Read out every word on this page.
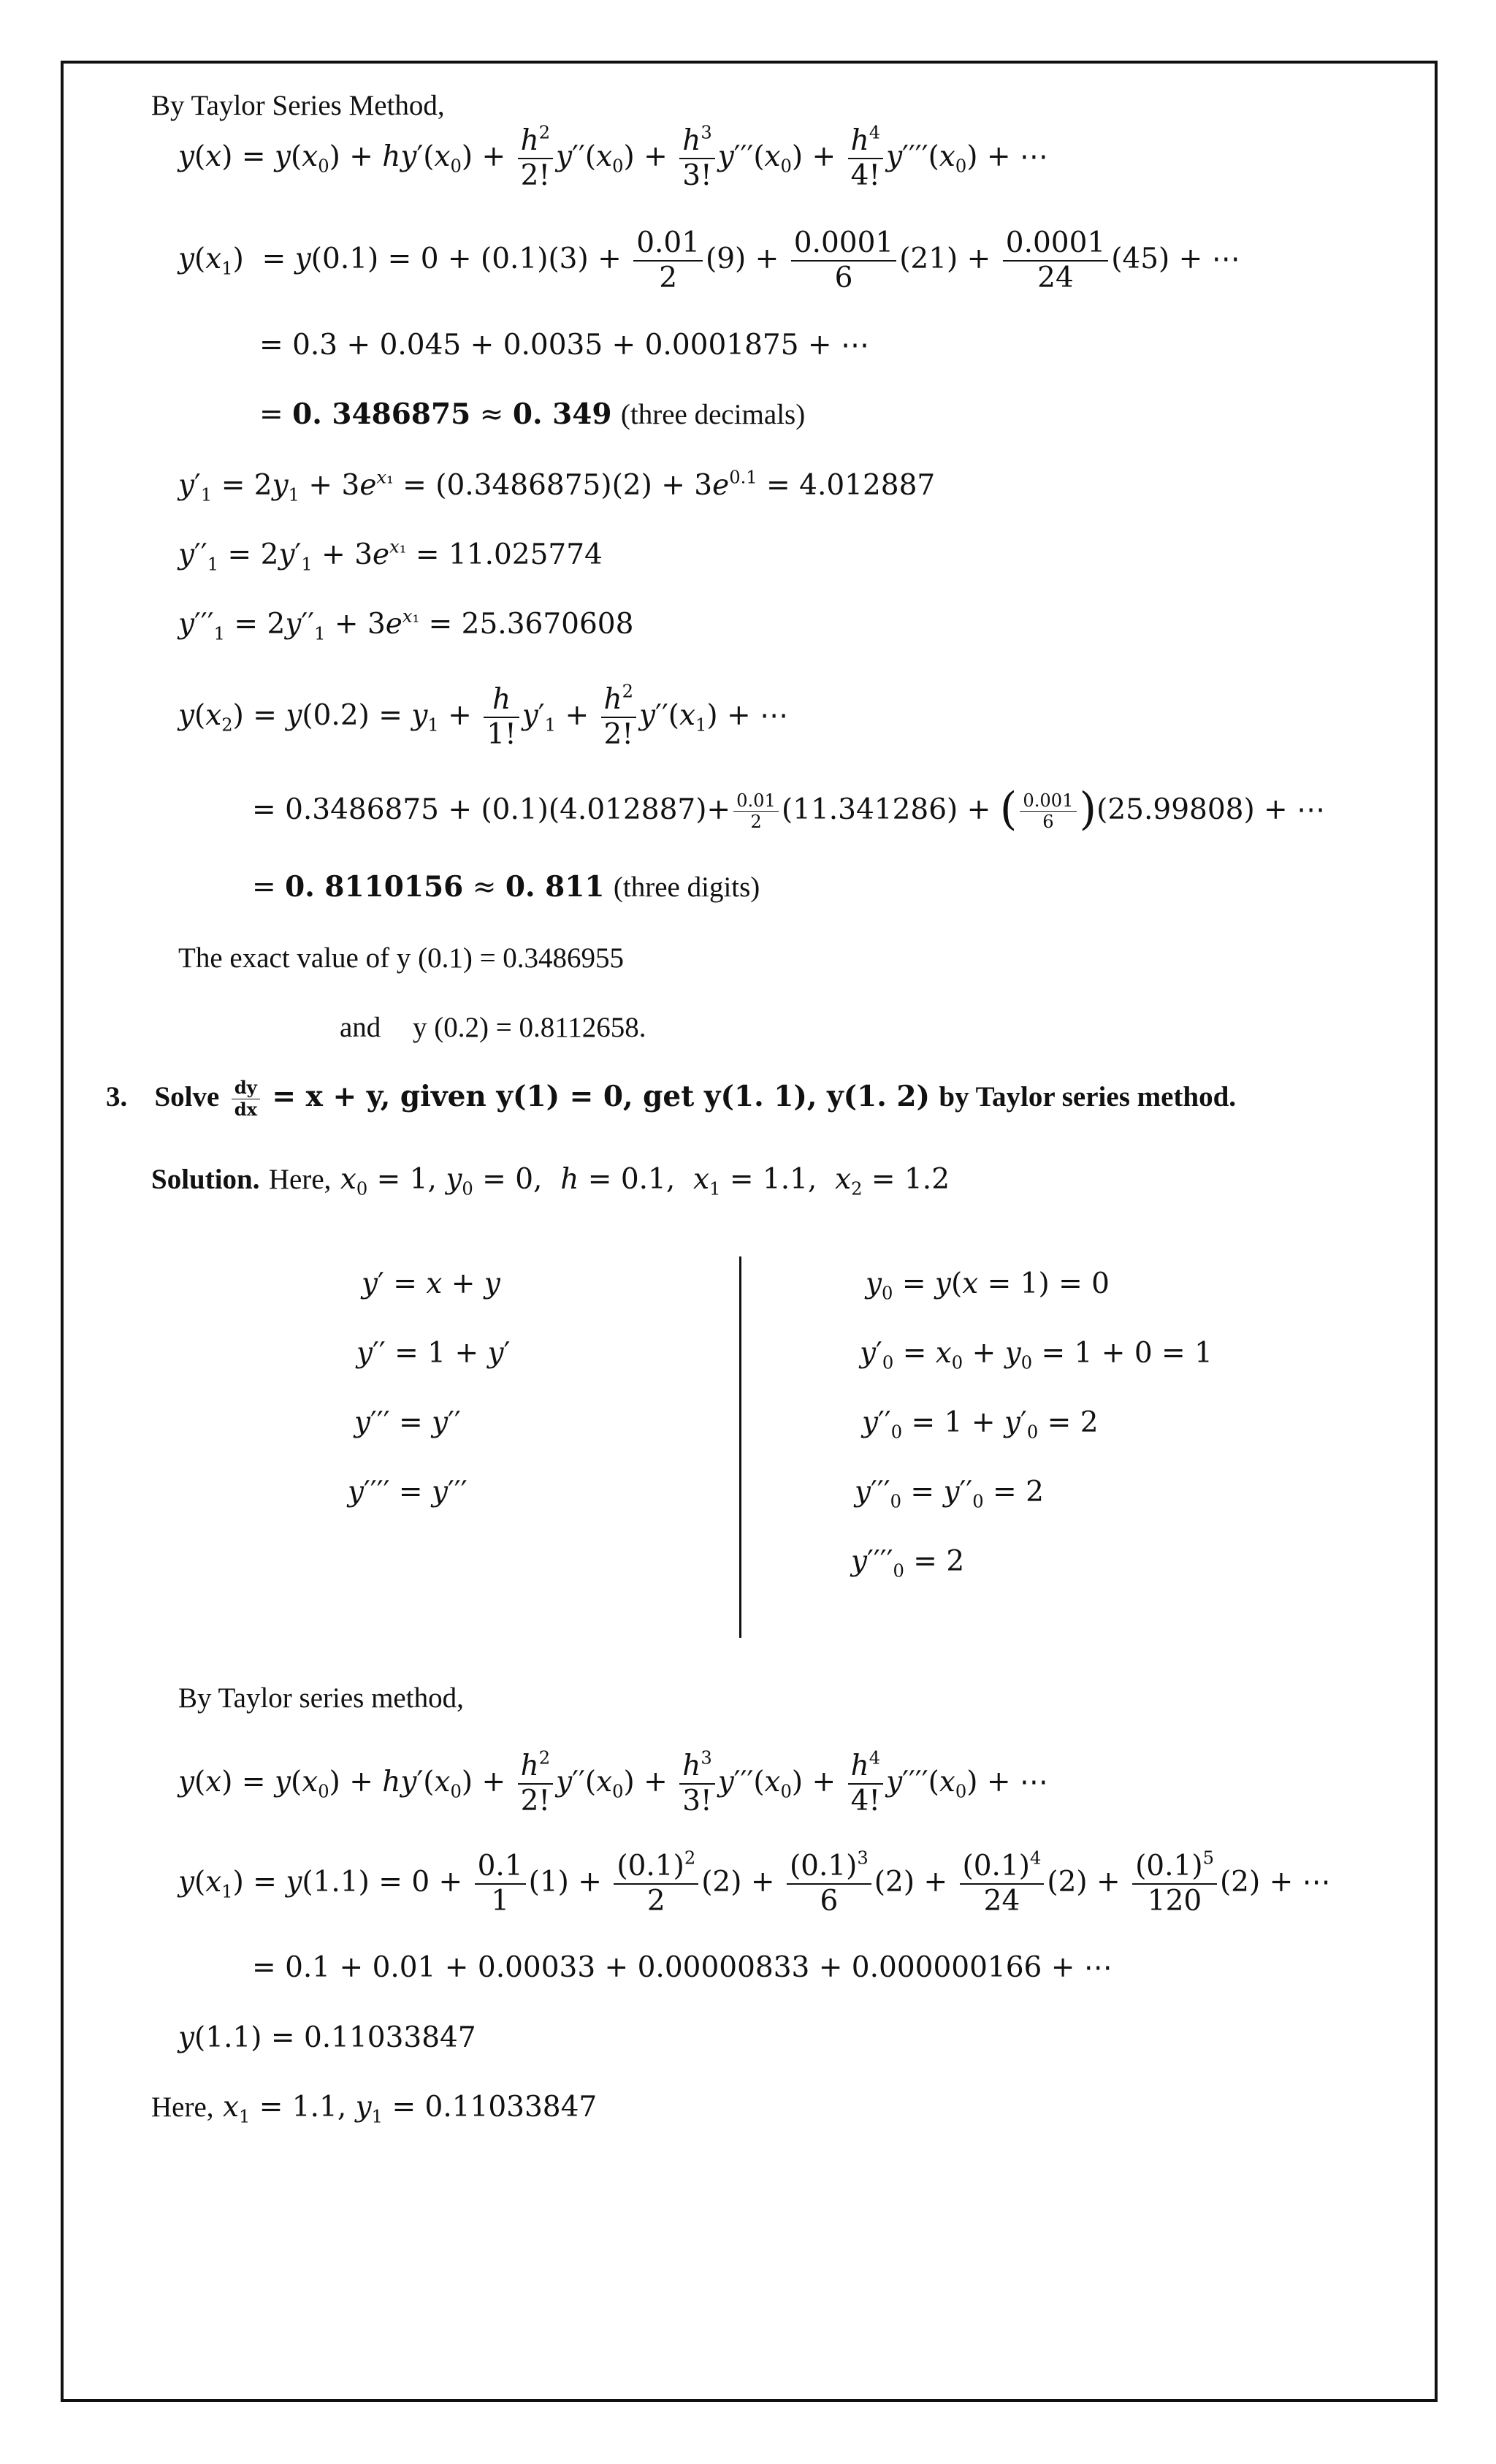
By Taylor Series Method,
$y(x) = y(x_0) + hy'(x_0) + \frac{h^2}{2!} y''(x_0) + \frac{h^3}{3!} y'''(x_0) + \frac{h^4}{4!} y''''(x_0)$ + ⋯
$y(x_1) = y(0.1) = 0 + (0.1)(3) + \frac{0.01}{2} (9) + \frac{0.0001}{6} (21) + \frac{0.0001}{24} (45)$ + ⋯
= 0.3 + 0.045 + 0.0035 + 0.0001875 + ⋯
= 0. 3486875 ≈ 0. 349 (three decimals)
$y'_1 = 2y_1 + 3e^{x_1} = (0.3486875)(2) + 3e^{0.1} = 4.012887$
$y''_1 = 2y'_1 + 3e^{x_1} = 11.025774$
$y'''_1 = 2y''_1 + 3e^{x_1} = 25.3670608$
$y(x_2) = y(0.2) = y_1 + \frac{h}{1!} y'_1 + \frac{h^2}{2!} y''(x_1)$ + ⋯
= $0.3486875 + (0.1)(4.012887)+ \frac{0.01}{2} (11.341286)$ + ( $\frac{0.001}{6} )(25.99808)$ + ⋯
= 0. 8110156 ≈ 0. 811 (three digits)
The exact value of y (0.1) = 0.3486955
and y (0.2) = 0.8112658.
3. Solve $\frac{dy}{dx} = x + y$, given y(1) = 0, get y(1. 1), y(1. 2) by Taylor series method.
Solution. Here, $x_0 = 1$, $y_0 = 0$,  h = 0.1,  $x_1 = 1.1$,  $x_2 = 1.2$
y′ = x + y
y′′ = 1 + y′
y′′′ = y′′
y′′′′ = y′′′
$y_0 = y(x = 1) = 0$
$y'_0 = x_0 + y_0 = 1 + 0 = 1$
$y''_0 = 1 + y'_0 = 2$
$y'''_0 = y''_0 = 2$
$y''''_0 = 2$
By Taylor series method,
$y(x) = y(x_0) + hy'(x_0) + \frac{h^2}{2!} y''(x_0) + \frac{h^3}{3!} y'''(x_0) + \frac{h^4}{4!} y''''(x_0)$ + ⋯
$y(x_1) = y(1.1) = 0 + \frac{0.1}{1} (1) + \frac{(0.1)^2}{2} (2) + \frac{(0.1)^3}{6} (2) + \frac{(0.1)^4}{24} (2) + \frac{(0.1)^5}{120} (2)$ + ⋯
= 0.1 + 0.01 + 0.00033 + 0.00000833 + 0.000000166 + ⋯
y(1.1) = 0.11033847
Here, $x_1 = 1.1$, $y_1 = 0.11033847$
